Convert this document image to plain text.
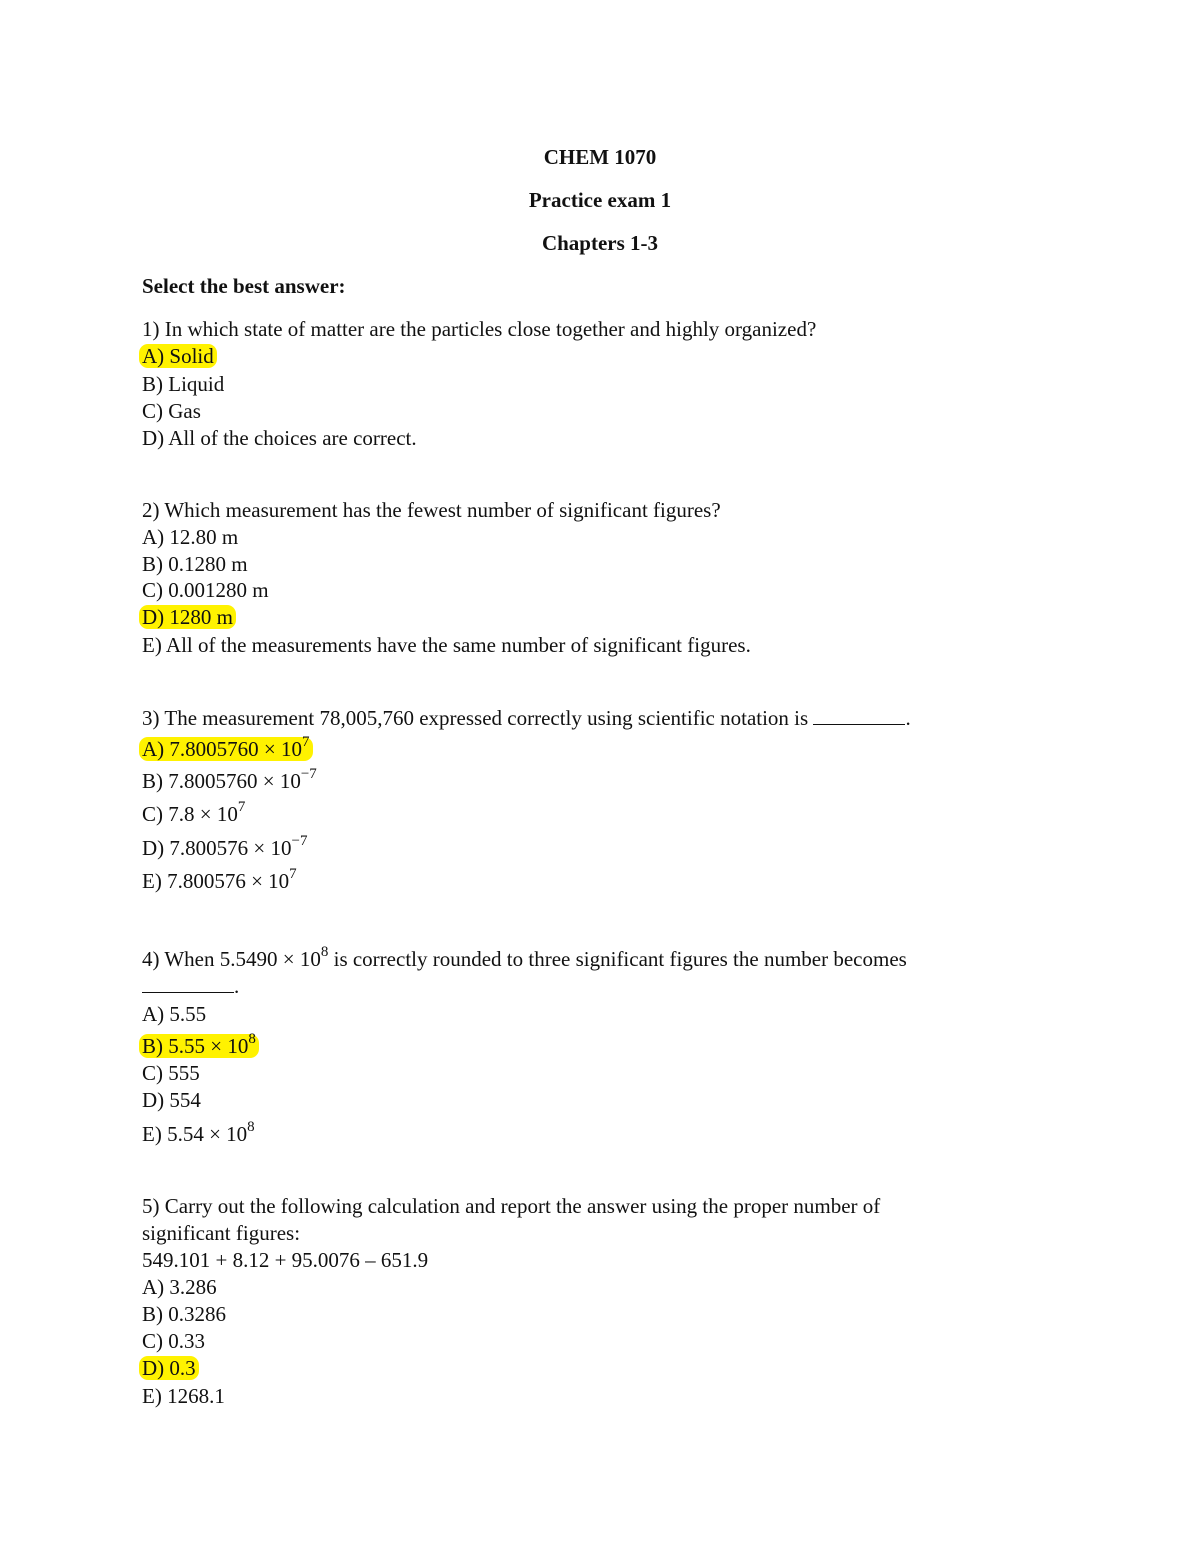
CHEM 1070
Practice exam 1
Chapters 1-3
Select the best answer:
1) In which state of matter are the particles close together and highly organized?
A) Solid
B) Liquid
C) Gas
D) All of the choices are correct.
2) Which measurement has the fewest number of significant figures?
A) 12.80 m
B) 0.1280 m
C) 0.001280 m
D) 1280 m
E) All of the measurements have the same number of significant figures.
3) The measurement 78,005,760 expressed correctly using scientific notation is	.
A) $7.8005760 \times 10^7$
B) $7.8005760 \times 10^{-7}$
C) $7.8 \times 10^7$
D) $7.800576 \times 10^{-7}$
E) $7.800576 \times 10^7$
4) When $5.5490 \times 10^8$ is correctly rounded to three significant figures the number becomes
.
A) 5.55
B) $5.55 \times 10^8$
C) 555
D) 554
E) $5.54 \times 10^8$
5) Carry out the following calculation and report the answer using the proper number of
significant figures:
549.101 + 8.12 + 95.0076 – 651.9
A) 3.286
B) 0.3286
C) 0.33
D) 0.3
E) 1268.1
